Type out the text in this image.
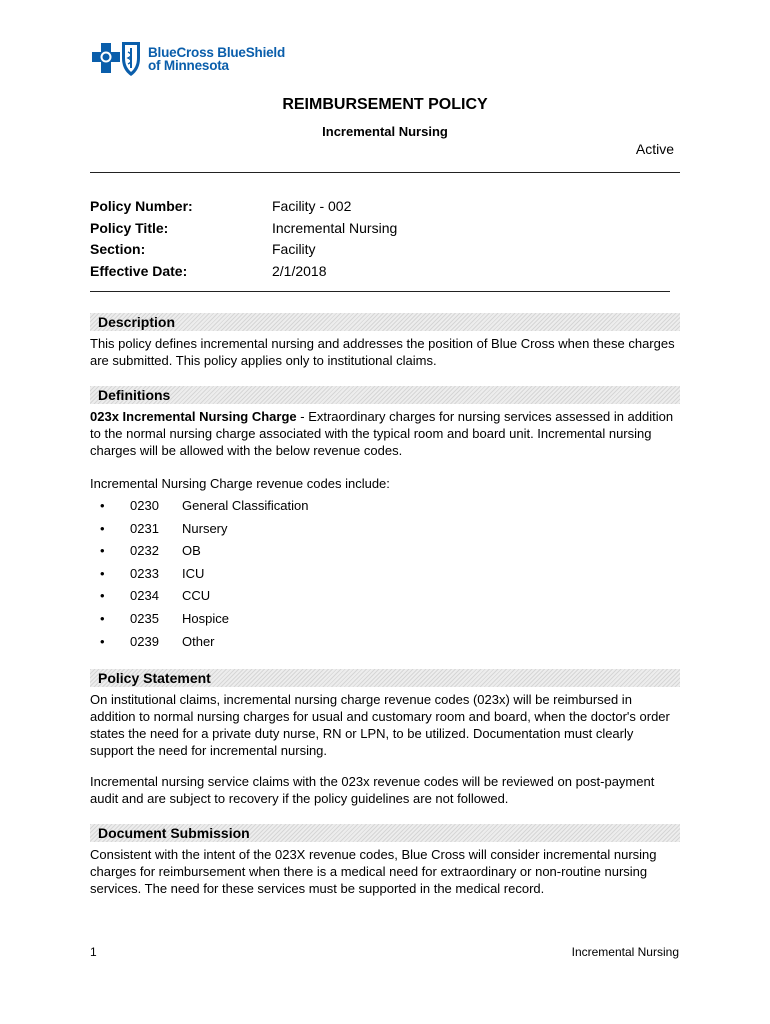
BlueCross BlueShield
of Minnesota
REIMBURSEMENT POLICY
Incremental Nursing
Active
Policy Number:	Facility - 002
Policy Title:	Incremental Nursing
Section:	Facility
Effective Date:	2/1/2018
Description
This policy defines incremental nursing and addresses the position of Blue Cross when these charges are submitted. This policy applies only to institutional claims.
Definitions
023x Incremental Nursing Charge - Extraordinary charges for nursing services assessed in addition to the normal nursing charge associated with the typical room and board unit. Incremental nursing charges will be allowed with the below revenue codes.
Incremental Nursing Charge revenue codes include:
•	0230	General Classification
•	0231	Nursery
•	0232	OB
•	0233	ICU
•	0234	CCU
•	0235	Hospice
•	0239	Other
Policy Statement
On institutional claims, incremental nursing charge revenue codes (023x) will be reimbursed in addition to normal nursing charges for usual and customary room and board, when the doctor's order states the need for a private duty nurse, RN or LPN, to be utilized. Documentation must clearly support the need for incremental nursing.
Incremental nursing service claims with the 023x revenue codes will be reviewed on post-payment audit and are subject to recovery if the policy guidelines are not followed.
Document Submission
Consistent with the intent of the 023X revenue codes, Blue Cross will consider incremental nursing charges for reimbursement when there is a medical need for extraordinary or non-routine nursing services. The need for these services must be supported in the medical record.
1	Incremental Nursing
